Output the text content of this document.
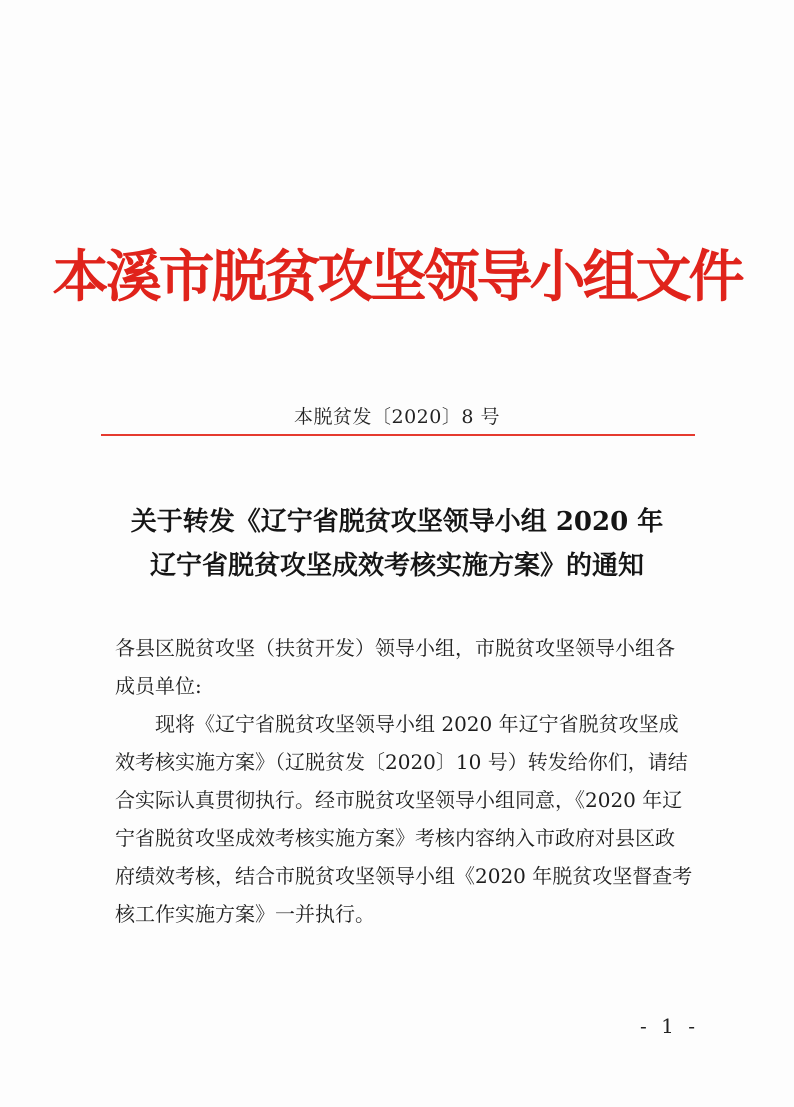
本溪市脱贫攻坚领导小组文件
本脱贫发〔2020〕8 号
关于转发《辽宁省脱贫攻坚领导小组 2020 年
辽宁省脱贫攻坚成效考核实施方案》的通知
各县区脱贫攻坚（扶贫开发）领导小组，市脱贫攻坚领导小组各
成员单位:
现将《辽宁省脱贫攻坚领导小组 2020 年辽宁省脱贫攻坚成
效考核实施方案》（辽脱贫发〔2020〕10 号）转发给你们，请结
合实际认真贯彻执行。经市脱贫攻坚领导小组同意，《2020 年辽
宁省脱贫攻坚成效考核实施方案》考核内容纳入市政府对县区政
府绩效考核，结合市脱贫攻坚领导小组《2020 年脱贫攻坚督查考
核工作实施方案》一并执行。
- 1 -
